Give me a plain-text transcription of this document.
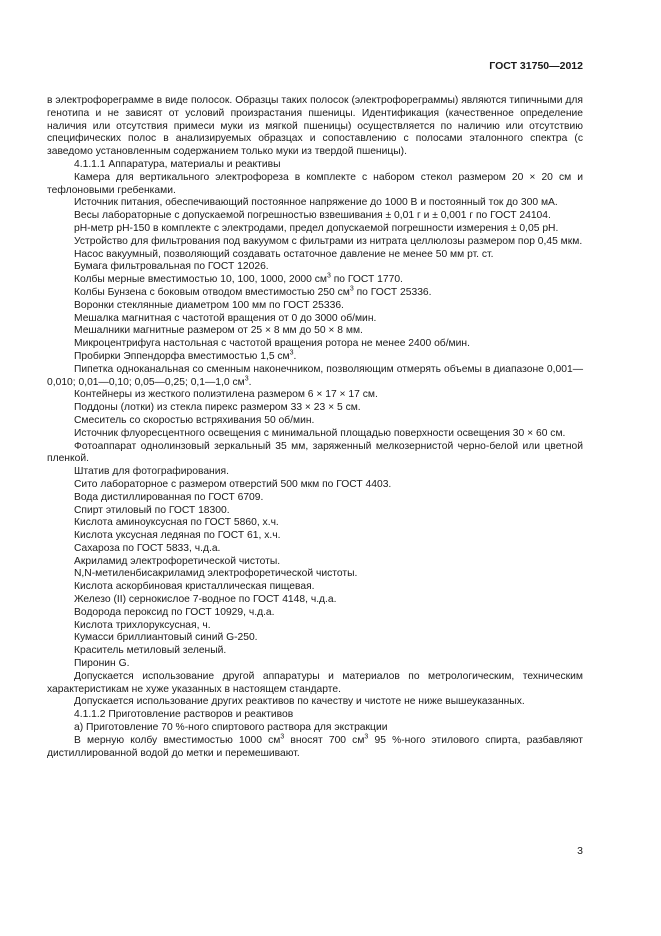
ГОСТ 31750—2012

в электрофореграмме в виде полосок. Образцы таких полосок (электрофореграммы) являются типичными для генотипа и не зависят от условий произрастания пшеницы. Идентификация (качественное определение наличия или отсутствия примеси муки из мягкой пшеницы) осуществляется по наличию или отсутствию специфических полос в анализируемых образцах и сопоставлению с полосами эталонного спектра (с заведомо установленным содержанием только муки из твердой пшеницы).

4.1.1.1 Аппаратура, материалы и реактивы

Камера для вертикального электрофореза в комплекте с набором стекол размером 20 × 20 см и тефлоновыми гребенками.

Источник питания, обеспечивающий постоянное напряжение до 1000 В и постоянный ток до 300 мА.

Весы лабораторные с допускаемой погрешностью взвешивания ± 0,01 г и ± 0,001 г по ГОСТ 24104.

pH-метр pH-150 в комплекте с электродами, предел допускаемой погрешности измерения ± 0,05 pH.

Устройство для фильтрования под вакуумом с фильтрами из нитрата целлюлозы размером пор 0,45 мкм.

Насос вакуумный, позволяющий создавать остаточное давление не менее 50 мм рт. ст.

Бумага фильтровальная по ГОСТ 12026.

Колбы мерные вместимостью 10, 100, 1000, 2000 $см^3$ по ГОСТ 1770.

Колбы Бунзена с боковым отводом вместимостью 250 $см^3$ по ГОСТ 25336.

Воронки стеклянные диаметром 100 мм по ГОСТ 25336.

Мешалка магнитная с частотой вращения от 0 до 3000 об/мин.

Мешалники магнитные размером от 25 × 8 мм до 50 × 8 мм.

Микроцентрифуга настольная с частотой вращения ротора не менее 2400 об/мин.

Пробирки Эппендорфа вместимостью 1,5 $см^3$.

Пипетка одноканальная со сменным наконечником, позволяющим отмерять объемы в диапазоне 0,001—0,010; 0,01—0,10; 0,05—0,25; 0,1—1,0 $см^3$.

Контейнеры из жесткого полиэтилена размером 6 × 17 × 17 см.

Поддоны (лотки) из стекла пирекс размером 33 × 23 × 5 см.

Смеситель со скоростью встряхивания 50 об/мин.

Источник флуоресцентного освещения с минимальной площадью поверхности освещения 30 × 60 см.

Фотоаппарат однолинзовый зеркальный 35 мм, заряженный мелкозернистой черно-белой или цветной пленкой.

Штатив для фотографирования.

Сито лабораторное с размером отверстий 500 мкм по ГОСТ 4403.

Вода дистиллированная по ГОСТ 6709.

Спирт этиловый по ГОСТ 18300.

Кислота аминоуксусная по ГОСТ 5860, х.ч.

Кислота уксусная ледяная по ГОСТ 61, х.ч.

Сахароза по ГОСТ 5833, ч.д.а.

Акриламид электрофоретической чистоты.

N,N-метиленбисакриламид электрофоретической чистоты.

Кислота аскорбиновая кристаллическая пищевая.

Железо (II) сернокислое 7-водное по ГОСТ 4148, ч.д.а.

Водорода пероксид по ГОСТ 10929, ч.д.а.

Кислота трихлоруксусная, ч.

Кумасси бриллиантовый синий G-250.

Краситель метиловый зеленый.

Пиронин G.

Допускается использование другой аппаратуры и материалов по метрологическим, техническим характеристикам не хуже указанных в настоящем стандарте.

Допускается использование других реактивов по качеству и чистоте не ниже вышеуказанных.

4.1.1.2 Приготовление растворов и реактивов

а) Приготовление 70 %-ного спиртового раствора для экстракции

В мерную колбу вместимостью 1000 $см^3$ вносят 700 $см^3$ 95 %-ного этилового спирта, разбавляют дистиллированной водой до метки и перемешивают.

3
